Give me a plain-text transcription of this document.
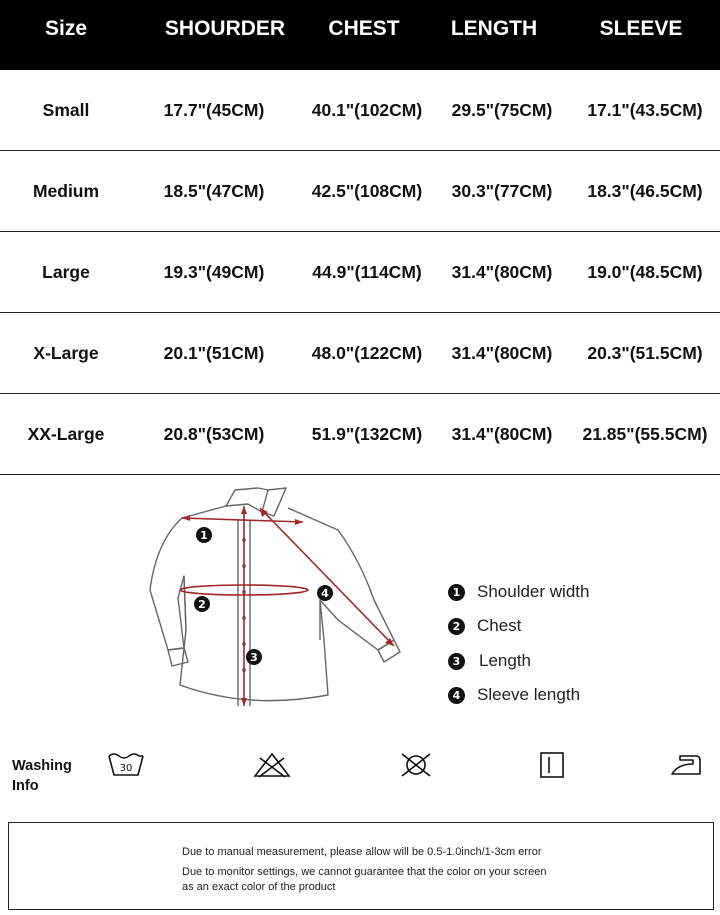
Size	SHOURDER	CHEST	LENGTH	SLEEVE
Small	17.7"(45CM)	40.1"(102CM)	29.5"(75CM)	17.1"(43.5CM)
Medium	18.5"(47CM)	42.5"(108CM)	30.3"(77CM)	18.3"(46.5CM)
Large	19.3"(49CM)	44.9"(114CM)	31.4"(80CM)	19.0"(48.5CM)
X-Large	20.1"(51CM)	48.0"(122CM)	31.4"(80CM)	20.3"(51.5CM)
XX-Large	20.8"(53CM)	51.9"(132CM)	31.4"(80CM)	21.85"(55.5CM)
1
2
3
4	1 Shoulder width
2 Chest
3 Length
4 Sleeve length
Washing
Info
30

Due to manual measurement, please allow will be 0.5-1.0inch/1-3cm error

Due to monitor settings, we cannot guarantee that the color on your screen

as an exact color of the product
